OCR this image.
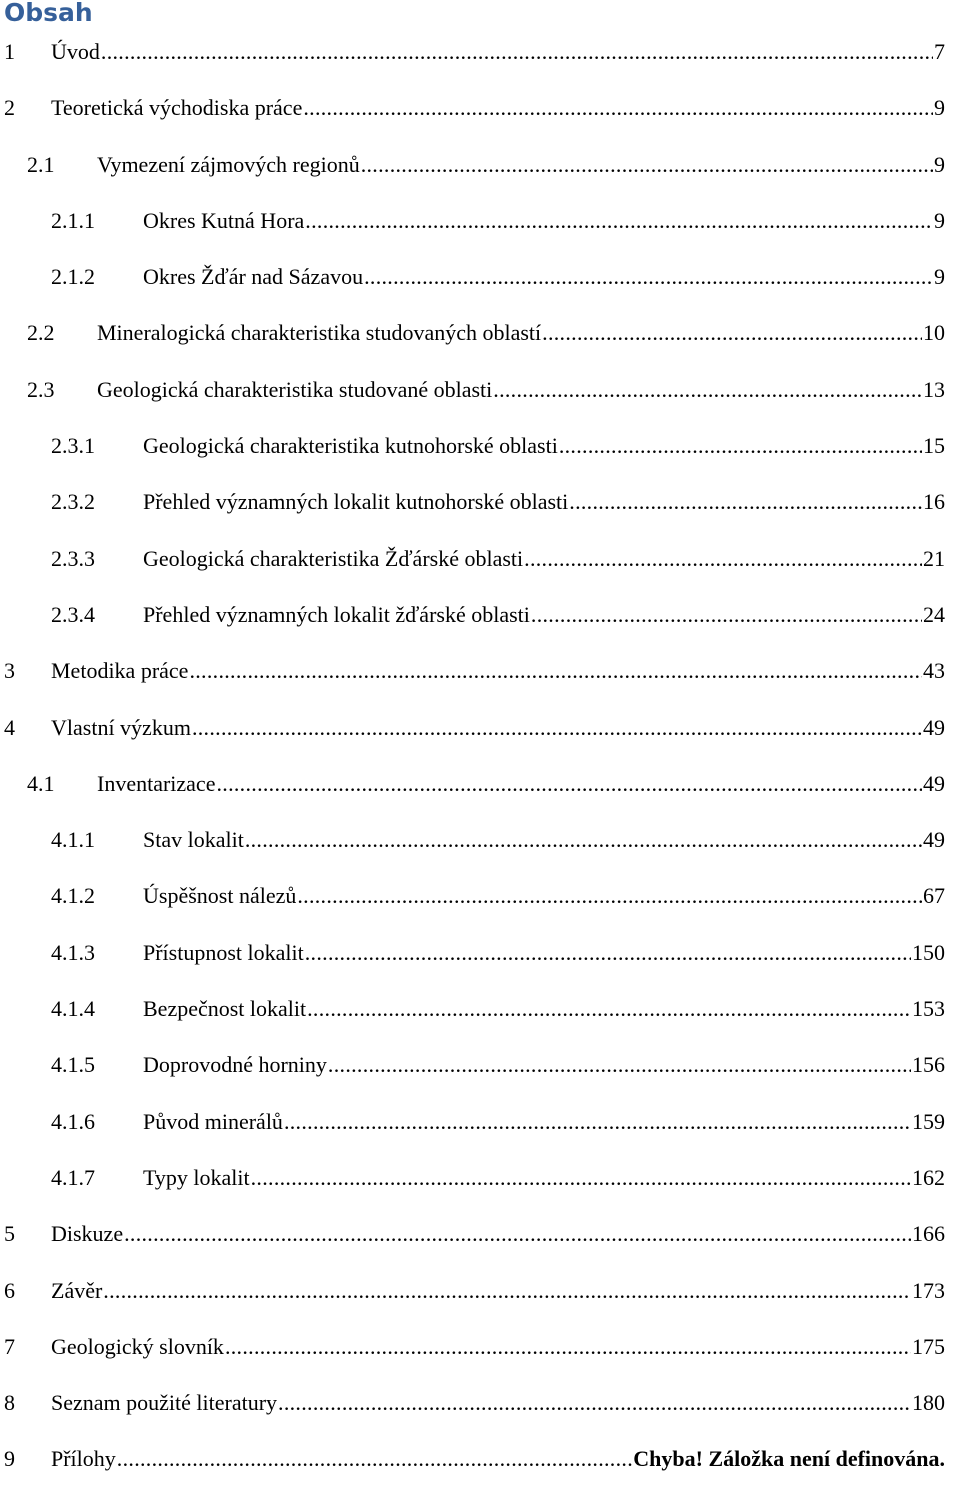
Obsah
1	Úvod . . .	7
2	Teoretická východiska práce . . .	9
2.1	Vymezení zájmových regionů . . .	9
2.1.1	Okres Kutná Hora . . .	9
2.1.2	Okres Žďár nad Sázavou . . .	9
2.2	Mineralogická charakteristika studovaných oblastí . . .	10
2.3	Geologická charakteristika studované oblasti . . .	13
2.3.1	Geologická charakteristika kutnohorské oblasti . . .	15
2.3.2	Přehled významných lokalit kutnohorské oblasti . . .	16
2.3.3	Geologická charakteristika Žďárské oblasti . . .	21
2.3.4	Přehled významných lokalit žďárské oblasti . . .	24
3	Metodika práce . . .	43
4	Vlastní výzkum . . .	49
4.1	Inventarizace . . .	49
4.1.1	Stav lokalit . . .	49
4.1.2	Úspěšnost nálezů . . .	67
4.1.3	Přístupnost lokalit . . .	150
4.1.4	Bezpečnost lokalit . . .	153
4.1.5	Doprovodné horniny . . .	156
4.1.6	Původ minerálů . . .	159
4.1.7	Typy lokalit . . .	162
5	Diskuze . . .	166
6	Závěr . . .	173
7	Geologický slovník . . .	175
8	Seznam použité literatury . . .	180
9	Přílohy . . .	Chyba! Záložka není definována.
